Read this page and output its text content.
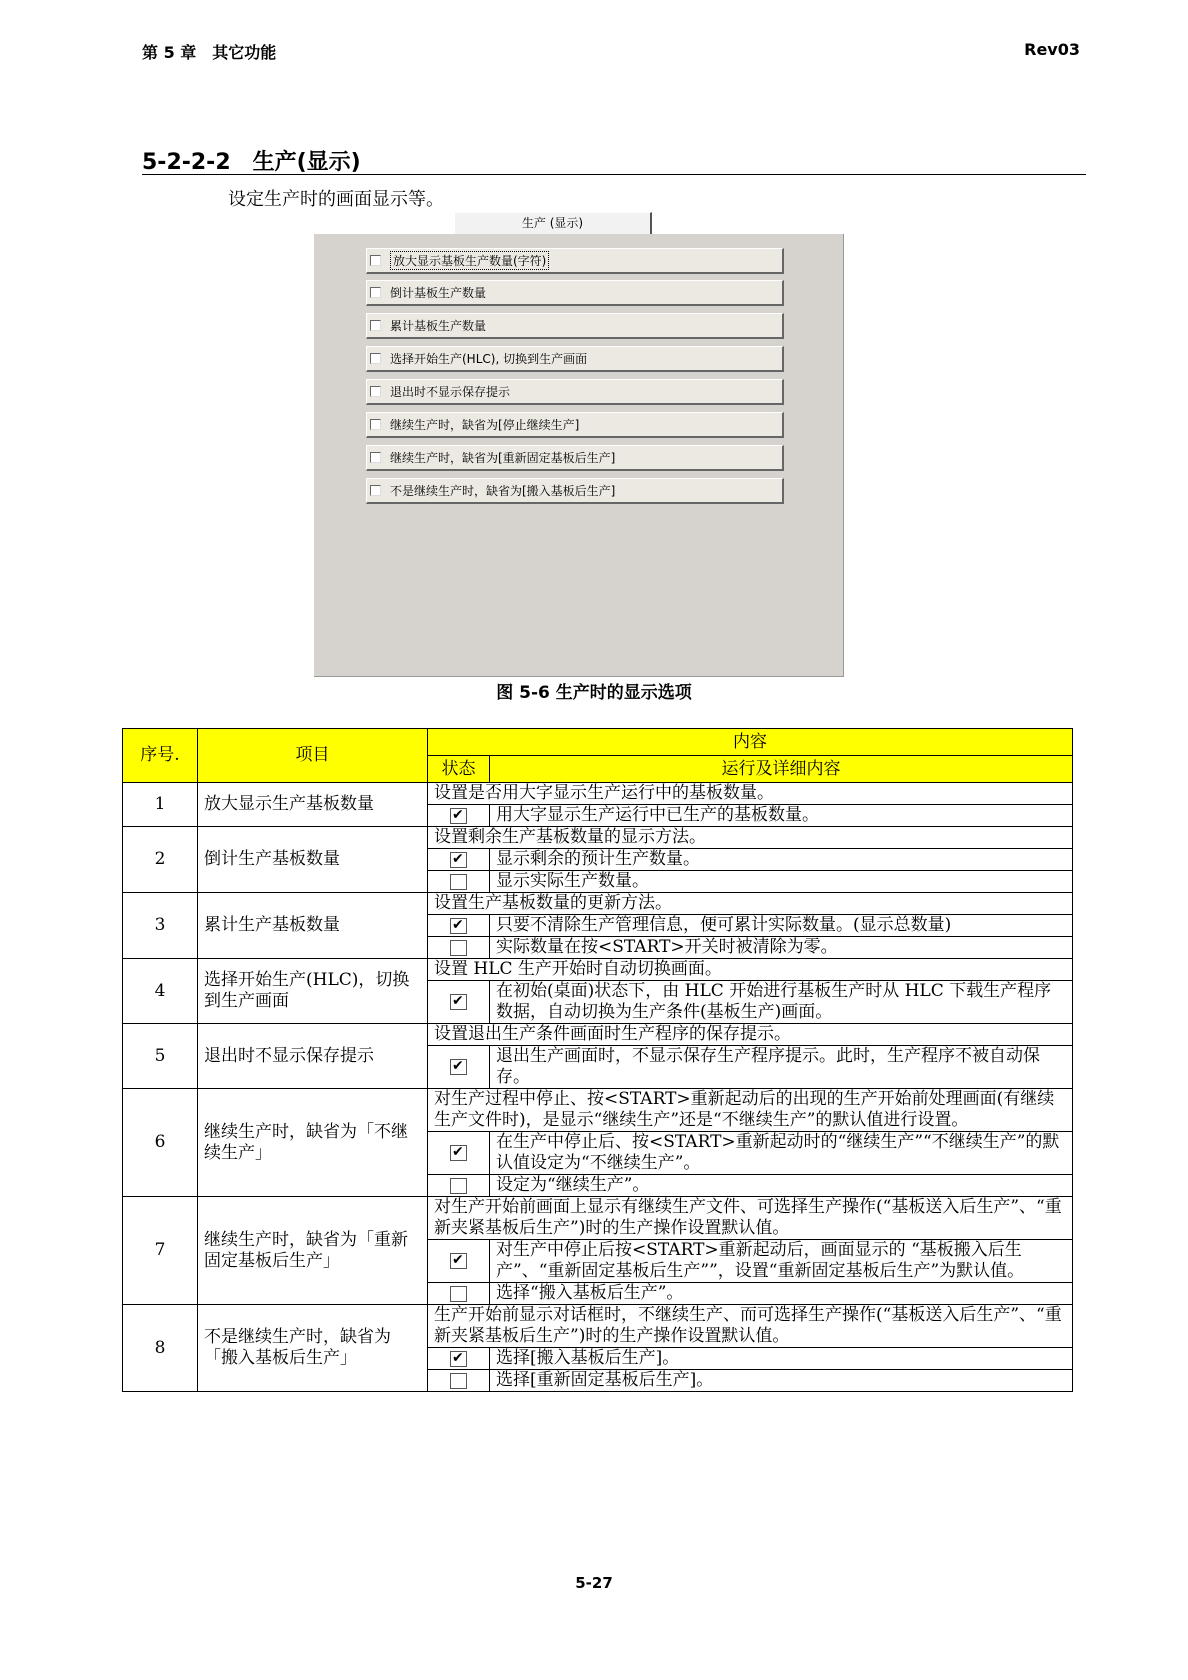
第 5 章　其它功能	Rev03
5-2-2-2　生产(显示)
设定生产时的画面显示等。
生产 (显示)
放大显示基板生产数量(字符)
倒计基板生产数量
累计基板生产数量
选择开始生产(HLC), 切换到生产画面
退出时不显示保存提示
继续生产时，缺省为[停止继续生产]
继续生产时，缺省为[重新固定基板后生产]
不是继续生产时，缺省为[搬入基板后生产]
图 5-6 生产时的显示选项
序号.	项目	内容	
		状态	运行及详细内容
1	放大显示生产基板数量	设置是否用大字显示生产运行中的基板数量。	
✔	用大字显示生产运行中已生产的基板数量。
2	倒计生产基板数量	设置剩余生产基板数量的显示方法。	
✔	显示剩余的预计生产数量。
			显示实际生产数量。
3	累计生产基板数量	设置生产基板数量的更新方法。	
✔	只要不清除生产管理信息，便可累计实际数量。(显示总数量)
			实际数量在按<START>开关时被清除为零。
4	选择开始生产(HLC)，切换到生产画面	设置 HLC 生产开始时自动切换画面。	
✔	在初始(桌面)状态下，由 HLC 开始进行基板生产时从 HLC 下载生产程序数据，自动切换为生产条件(基板生产)画面。
5	退出时不显示保存提示	设置退出生产条件画面时生产程序的保存提示。	
✔	退出生产画面时，不显示保存生产程序提示。此时，生产程序不被自动保存。
6	继续生产时，缺省为「不继续生产」	对生产过程中停止、按<START>重新起动后的出现的生产开始前处理画面(有继续生产文件时)，是显示“继续生产”还是“不继续生产”的默认值进行设置。	
✔	在生产中停止后、按<START>重新起动时的“继续生产”“不继续生产”的默认值设定为“不继续生产”。
			设定为“继续生产”。
7	继续生产时，缺省为「重新固定基板后生产」	对生产开始前画面上显示有继续生产文件、可选择生产操作(“基板送入后生产”、“重新夹紧基板后生产”)时的生产操作设置默认值。	
✔	对生产中停止后按<START>重新起动后，画面显示的 “基板搬入后生产”、“重新固定基板后生产””，设置“重新固定基板后生产”为默认值。
			选择“搬入基板后生产”。
8	不是继续生产时，缺省为「搬入基板后生产」	生产开始前显示对话框时，不继续生产、而可选择生产操作(“基板送入后生产”、“重新夹紧基板后生产”)时的生产操作设置默认值。	
✔	选择[搬入基板后生产]。
			选择[重新固定基板后生产]。
5-27
